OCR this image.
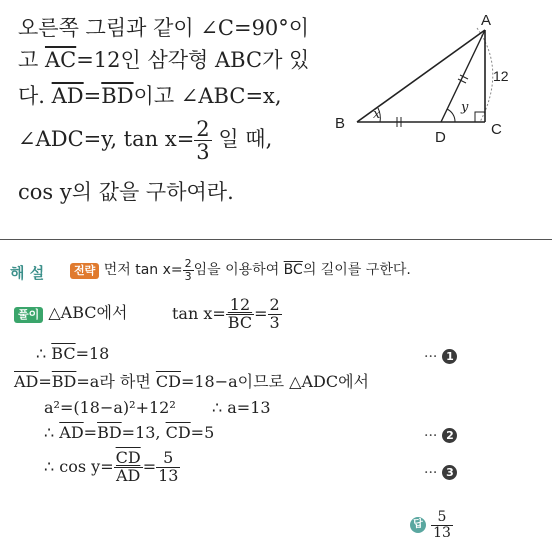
오른쪽 그림과 같이 ∠C=90°이
고 $\overline{AC}=12$인 삼각형 ABC가 있
다. $\overline{AD}=\overline{BD}$이고 ∠ABC=x,
∠ADC=y, $\tan x= \frac{2}{3}$ 일 때,
cos y의 값을 구하여라.
A
B	C
D
x	y
12
해 설	전략 먼저 $\tan x= \frac{2}{3}$ 임을 이용하여 $\overline{BC}$의 길이를 구한다.
풀이 △ABC에서	$\tan x= \frac{12}{BC} = \frac{2}{3}$
∴ $\overline{BC}=18$	··· 1
$\overline{AD}=\overline{BD}=a$라 하면 $\overline{CD}=18-a$이므로 △ADC에서
a²=(18−a)²+12² ∴ a=13
∴ $\overline{AD}=\overline{BD}=13$, $\overline{CD}=5$	··· 2
∴ $\cos y= \frac{\overline{CD}}{AD} = \frac{5}{13}$	··· 3
답 $\frac{5}{13}$
